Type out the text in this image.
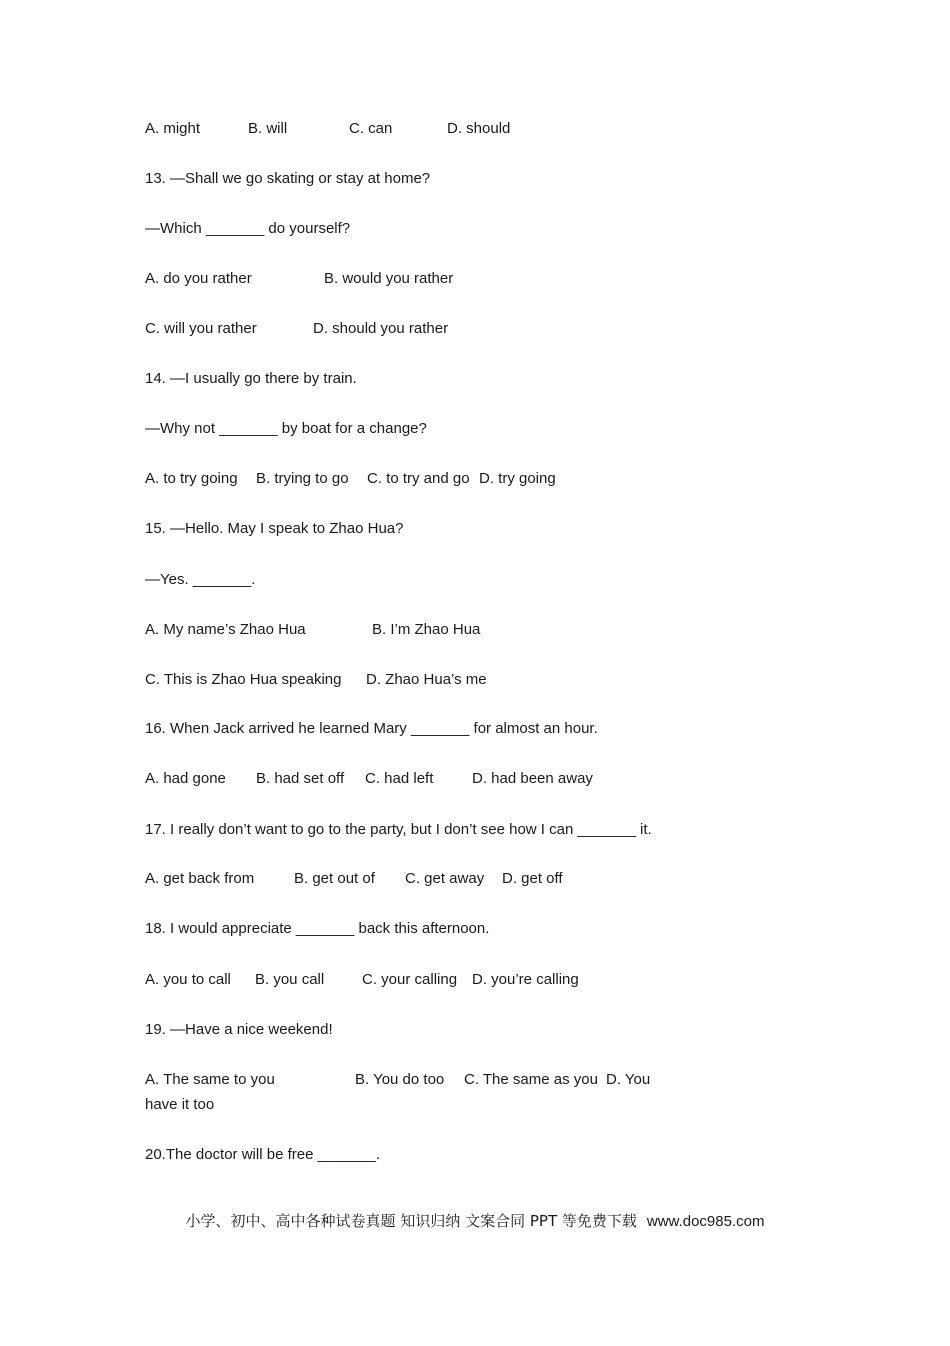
A. might	B. will	C. can	D. should
13. —Shall we go skating or stay at home?
—Which _______ do yourself?
A. do you rather	B. would you rather
C. will you rather	D. should you rather
14. —I usually go there by train.
—Why not _______ by boat for a change?
A. to try going B. trying to go C. to try and go D. try going
15. —Hello. May I speak to Zhao Hua?
—Yes. _______.
A. My name’s Zhao Hua	B. I’m Zhao Hua
C. This is Zhao Hua speaking D. Zhao Hua’s me
16. When Jack arrived he learned Mary _______ for almost an hour.
A. had gone B. had set off C. had left	D. had been away
17. I really don’t want to go to the party, but I don’t see how I can _______ it.
A. get back from	B. get out of C. get away D. get off
18. I would appreciate _______ back this afternoon.
A. you to call B. you call	C. your calling D. you’re calling
19. —Have a nice weekend!
A. The same to you	B. You do too C. The same as you D. You
have it too
20.The doctor will be free _______.

小学、初中、高中各种试卷真题 知识归纳 文案合同 PPT 等免费下载 www.doc985.com
